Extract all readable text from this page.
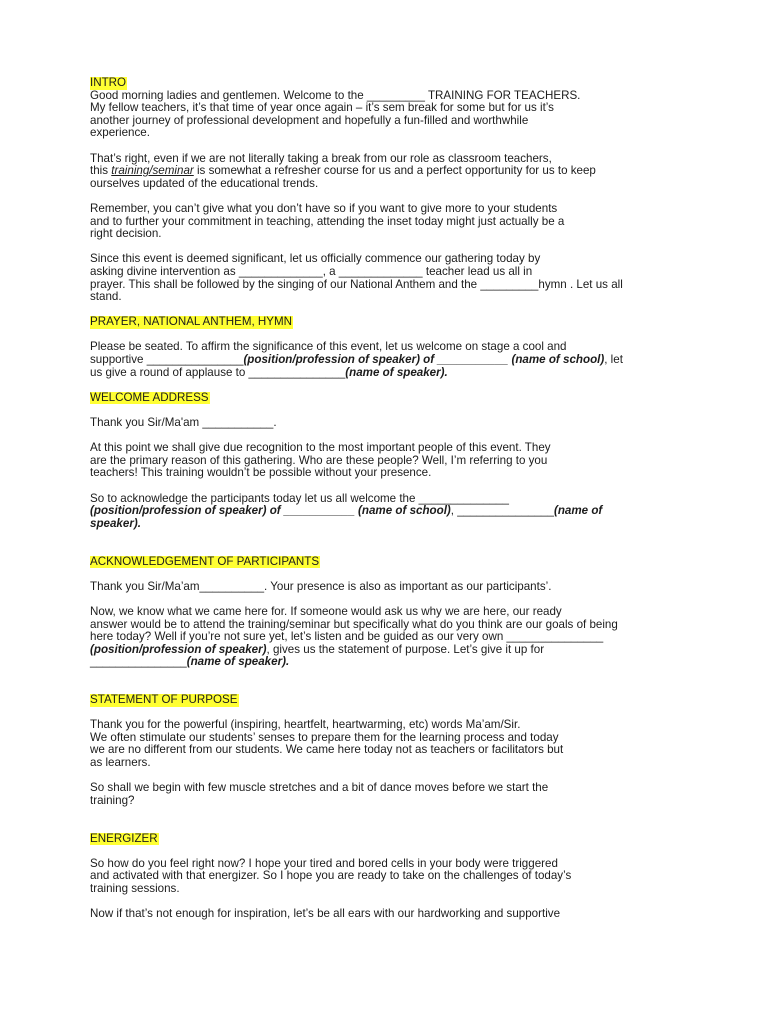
INTRO
Good morning ladies and gentlemen. Welcome to the _________ TRAINING FOR TEACHERS.
My fellow teachers, it’s that time of year once again – it’s sem break for some but for us it’s
another journey of professional development and hopefully a fun-filled and worthwhile
experience.
That’s right, even if we are not literally taking a break from our role as classroom teachers,
this training/seminar is somewhat a refresher course for us and a perfect opportunity for us to keep
ourselves updated of the educational trends.
Remember, you can’t give what you don’t have so if you want to give more to your students
and to further your commitment in teaching, attending the inset today might just actually be a
right decision.
Since this event is deemed significant, let us officially commence our gathering today by
asking divine intervention as _____________, a _____________ teacher lead us all in
prayer. This shall be followed by the singing of our National Anthem and the _________hymn . Let us all
stand.
PRAYER, NATIONAL ANTHEM, HYMN
Please be seated. To affirm the significance of this event, let us welcome on stage a cool and
supportive _______________(position/profession of speaker) of ___________ (name of school), let
us give a round of applause to _______________(name of speaker).
WELCOME ADDRESS
Thank you Sir/Ma'am ___________.
At this point we shall give due recognition to the most important people of this event. They
are the primary reason of this gathering. Who are these people? Well, I’m referring to you
teachers! This training wouldn’t be possible without your presence.
So to acknowledge the participants today let us all welcome the ______________
(position/profession of speaker) of ___________ (name of school), _______________(name of
speaker).
ACKNOWLEDGEMENT OF PARTICIPANTS
Thank you Sir/Ma’am__________. Your presence is also as important as our participants’.
Now, we know what we came here for. If someone would ask us why we are here, our ready
answer would be to attend the training/seminar but specifically what do you think are our goals of being
here today? Well if you’re not sure yet, let’s listen and be guided as our very own _______________
(position/profession of speaker), gives us the statement of purpose. Let’s give it up for
_______________(name of speaker).
STATEMENT OF PURPOSE
Thank you for the powerful (inspiring, heartfelt, heartwarming, etc) words Ma’am/Sir.
We often stimulate our students’ senses to prepare them for the learning process and today
we are no different from our students. We came here today not as teachers or facilitators but
as learners.
So shall we begin with few muscle stretches and a bit of dance moves before we start the
training?
ENERGIZER
So how do you feel right now? I hope your tired and bored cells in your body were triggered
and activated with that energizer. So I hope you are ready to take on the challenges of today’s
training sessions.
Now if that’s not enough for inspiration, let’s be all ears with our hardworking and supportive
